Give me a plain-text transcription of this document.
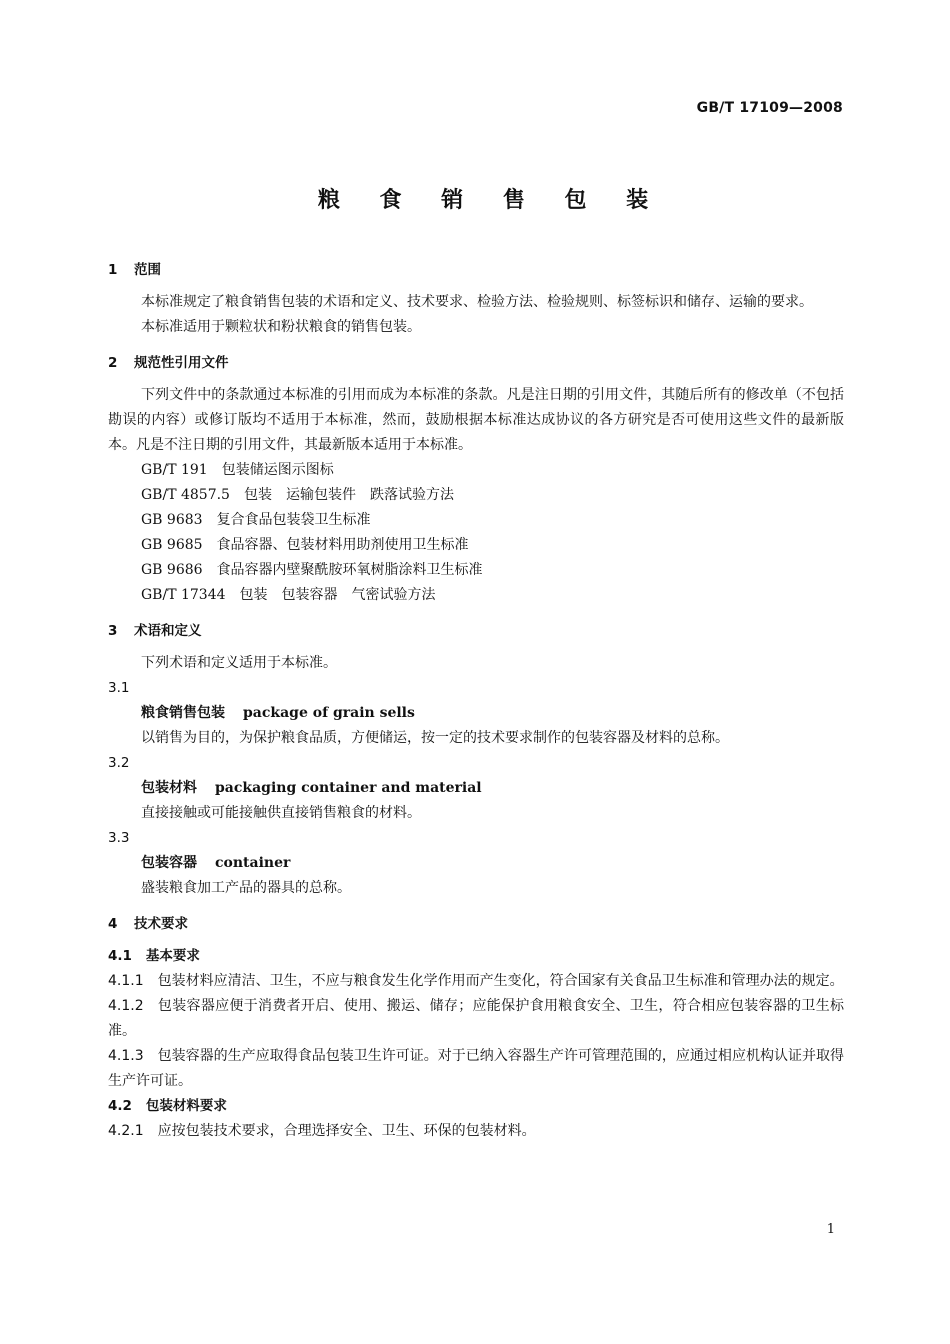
GB/T 17109—2008
粮 食 销 售 包 装
1 范围
本标准规定了粮食销售包装的术语和定义、技术要求、检验方法、检验规则、标签标识和储存、运输的要求。
本标准适用于颗粒状和粉状粮食的销售包装。
2 规范性引用文件
下列文件中的条款通过本标准的引用而成为本标准的条款。凡是注日期的引用文件，其随后所有的修改单（不包括勘误的内容）或修订版均不适用于本标准，然而，鼓励根据本标准达成协议的各方研究是否可使用这些文件的最新版本。凡是不注日期的引用文件，其最新版本适用于本标准。
GB/T 191 包装储运图示图标
GB/T 4857.5 包装　运输包装件　跌落试验方法
GB 9683 复合食品包装袋卫生标准
GB 9685 食品容器、包装材料用助剂使用卫生标准
GB 9686 食品容器内壁聚酰胺环氧树脂涂料卫生标准
GB/T 17344 包装　包装容器　气密试验方法
3 术语和定义
下列术语和定义适用于本标准。
3.1
粮食销售包装 package of grain sells
以销售为目的，为保护粮食品质，方便储运，按一定的技术要求制作的包装容器及材料的总称。
3.2
包装材料 packaging container and material
直接接触或可能接触供直接销售粮食的材料。
3.3
包装容器 container
盛装粮食加工产品的器具的总称。
4 技术要求
4.1 基本要求
4.1.1 包装材料应清洁、卫生，不应与粮食发生化学作用而产生变化，符合国家有关食品卫生标准和管理办法的规定。
4.1.2 包装容器应便于消费者开启、使用、搬运、储存；应能保护食用粮食安全、卫生，符合相应包装容器的卫生标准。
4.1.3 包装容器的生产应取得食品包装卫生许可证。对于已纳入容器生产许可管理范围的，应通过相应机构认证并取得生产许可证。
4.2 包装材料要求
4.2.1 应按包装技术要求，合理选择安全、卫生、环保的包装材料。
1
